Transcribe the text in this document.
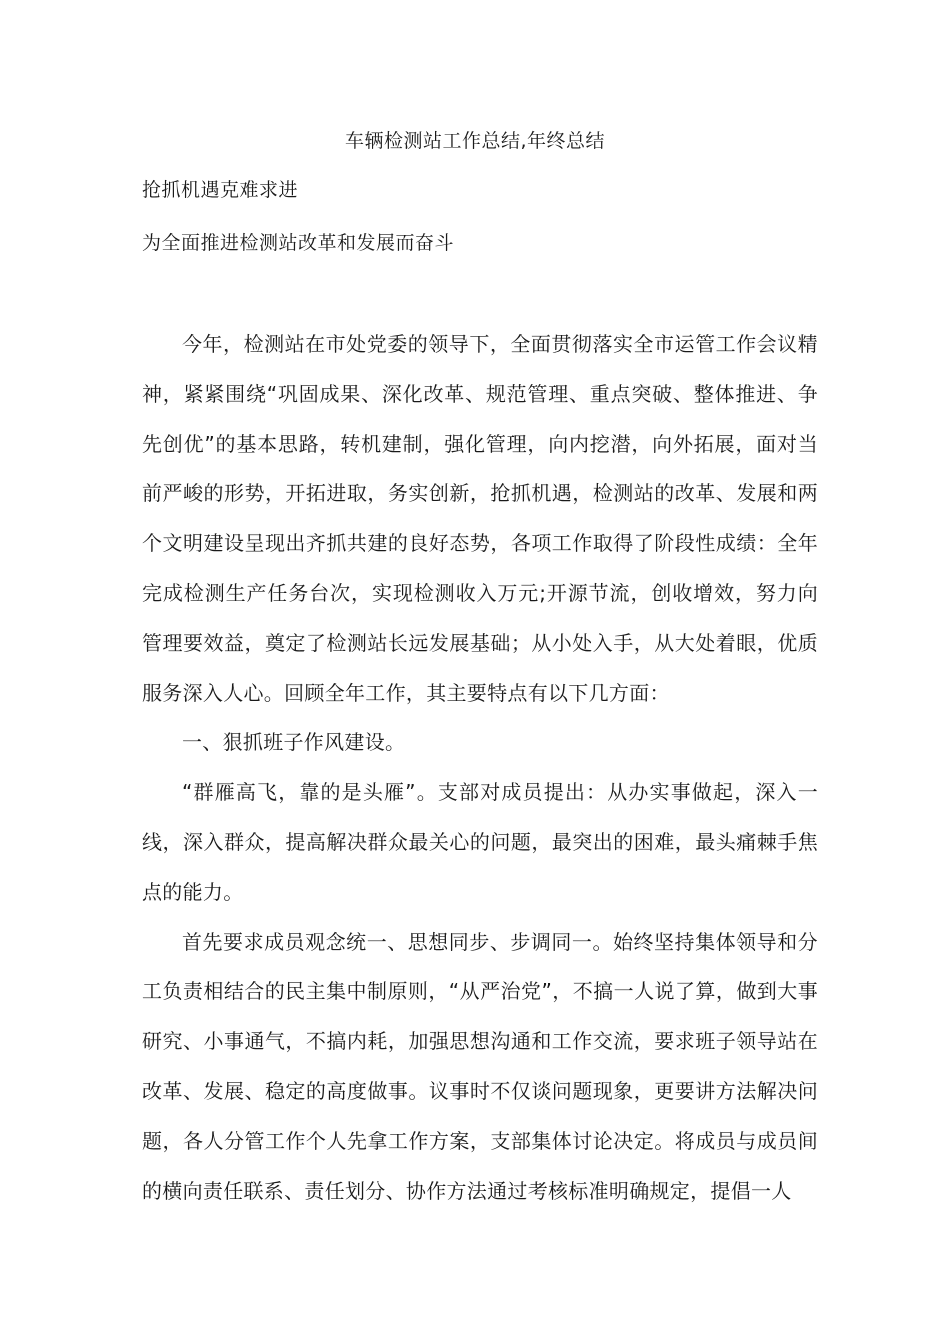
车辆检测站工作总结,年终总结
抢抓机遇克难求进
为全面推进检测站改革和发展而奋斗

今年，检测站在市处党委的领导下，全面贯彻落实全市运管工作会议精神，紧紧围绕“巩固成果、深化改革、规范管理、重点突破、整体推进、争先创优”的基本思路，转机建制，强化管理，向内挖潜，向外拓展，面对当前严峻的形势，开拓进取，务实创新，抢抓机遇，检测站的改革、发展和两个文明建设呈现出齐抓共建的良好态势，各项工作取得了阶段性成绩：全年完成检测生产任务台次，实现检测收入万元;开源节流，创收增效，努力向管理要效益，奠定了检测站长远发展基础；从小处入手，从大处着眼，优质服务深入人心。回顾全年工作，其主要特点有以下几方面：

一、狠抓班子作风建设。

“群雁高飞，靠的是头雁”。支部对成员提出：从办实事做起，深入一线，深入群众，提高解决群众最关心的问题，最突出的困难，最头痛棘手焦点的能力。

首先要求成员观念统一、思想同步、步调同一。始终坚持集体领导和分工负责相结合的民主集中制原则，“从严治党”，不搞一人说了算，做到大事研究、小事通气，不搞内耗，加强思想沟通和工作交流，要求班子领导站在改革、发展、稳定的高度做事。议事时不仅谈问题现象，更要讲方法解决问题，各人分管工作个人先拿工作方案，支部集体讨论决定。将成员与成员间的横向责任联系、责任划分、协作方法通过考核标准明确规定，提倡一人
